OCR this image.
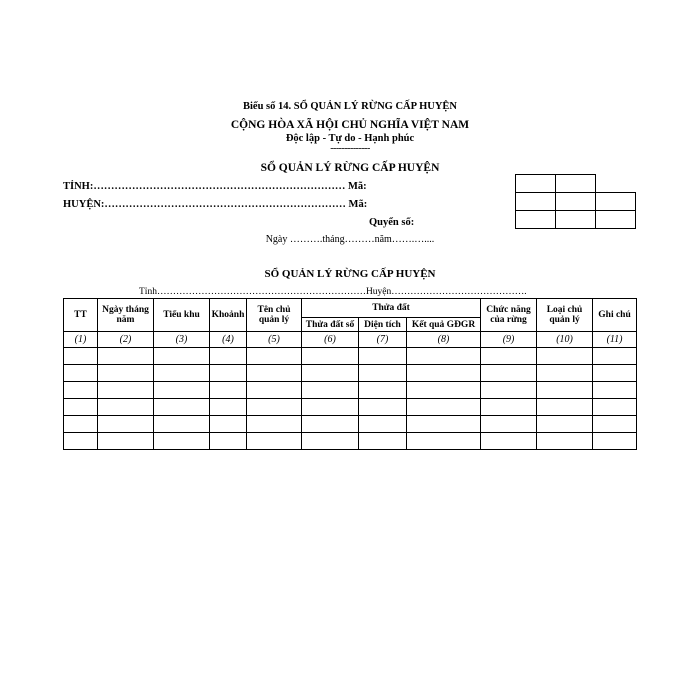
Biểu số 14. SỔ QUẢN LÝ RỪNG CẤP HUYỆN
CỘNG HÒA XÃ HỘI CHỦ NGHĨA VIỆT NAM
Độc lập - Tự do - Hạnh phúc
--------------
SỔ QUẢN LÝ RỪNG CẤP HUYỆN
TỈNH:……………………………………………………………… Mã:
HUYỆN:…………………………………………………………… Mã:
Quyển số:
Ngày ……….tháng………năm…….…....
SỔ QUẢN LÝ RỪNG CẤP HUYỆN
Tỉnh…………………………………………………………Huyện…………………………………….
TT	Ngày tháng năm	Tiểu khu	Khoảnh	Tên chủ quản lý	Thửa đất			Chức năng của rừng	Loại chủ quản lý	Ghi chú
					Thửa đất số	Diện tích	Kết quả GĐGR			
(1)	(2)	(3)	(4)	(5)	(6)	(7)	(8)	(9)	(10)	(11)
